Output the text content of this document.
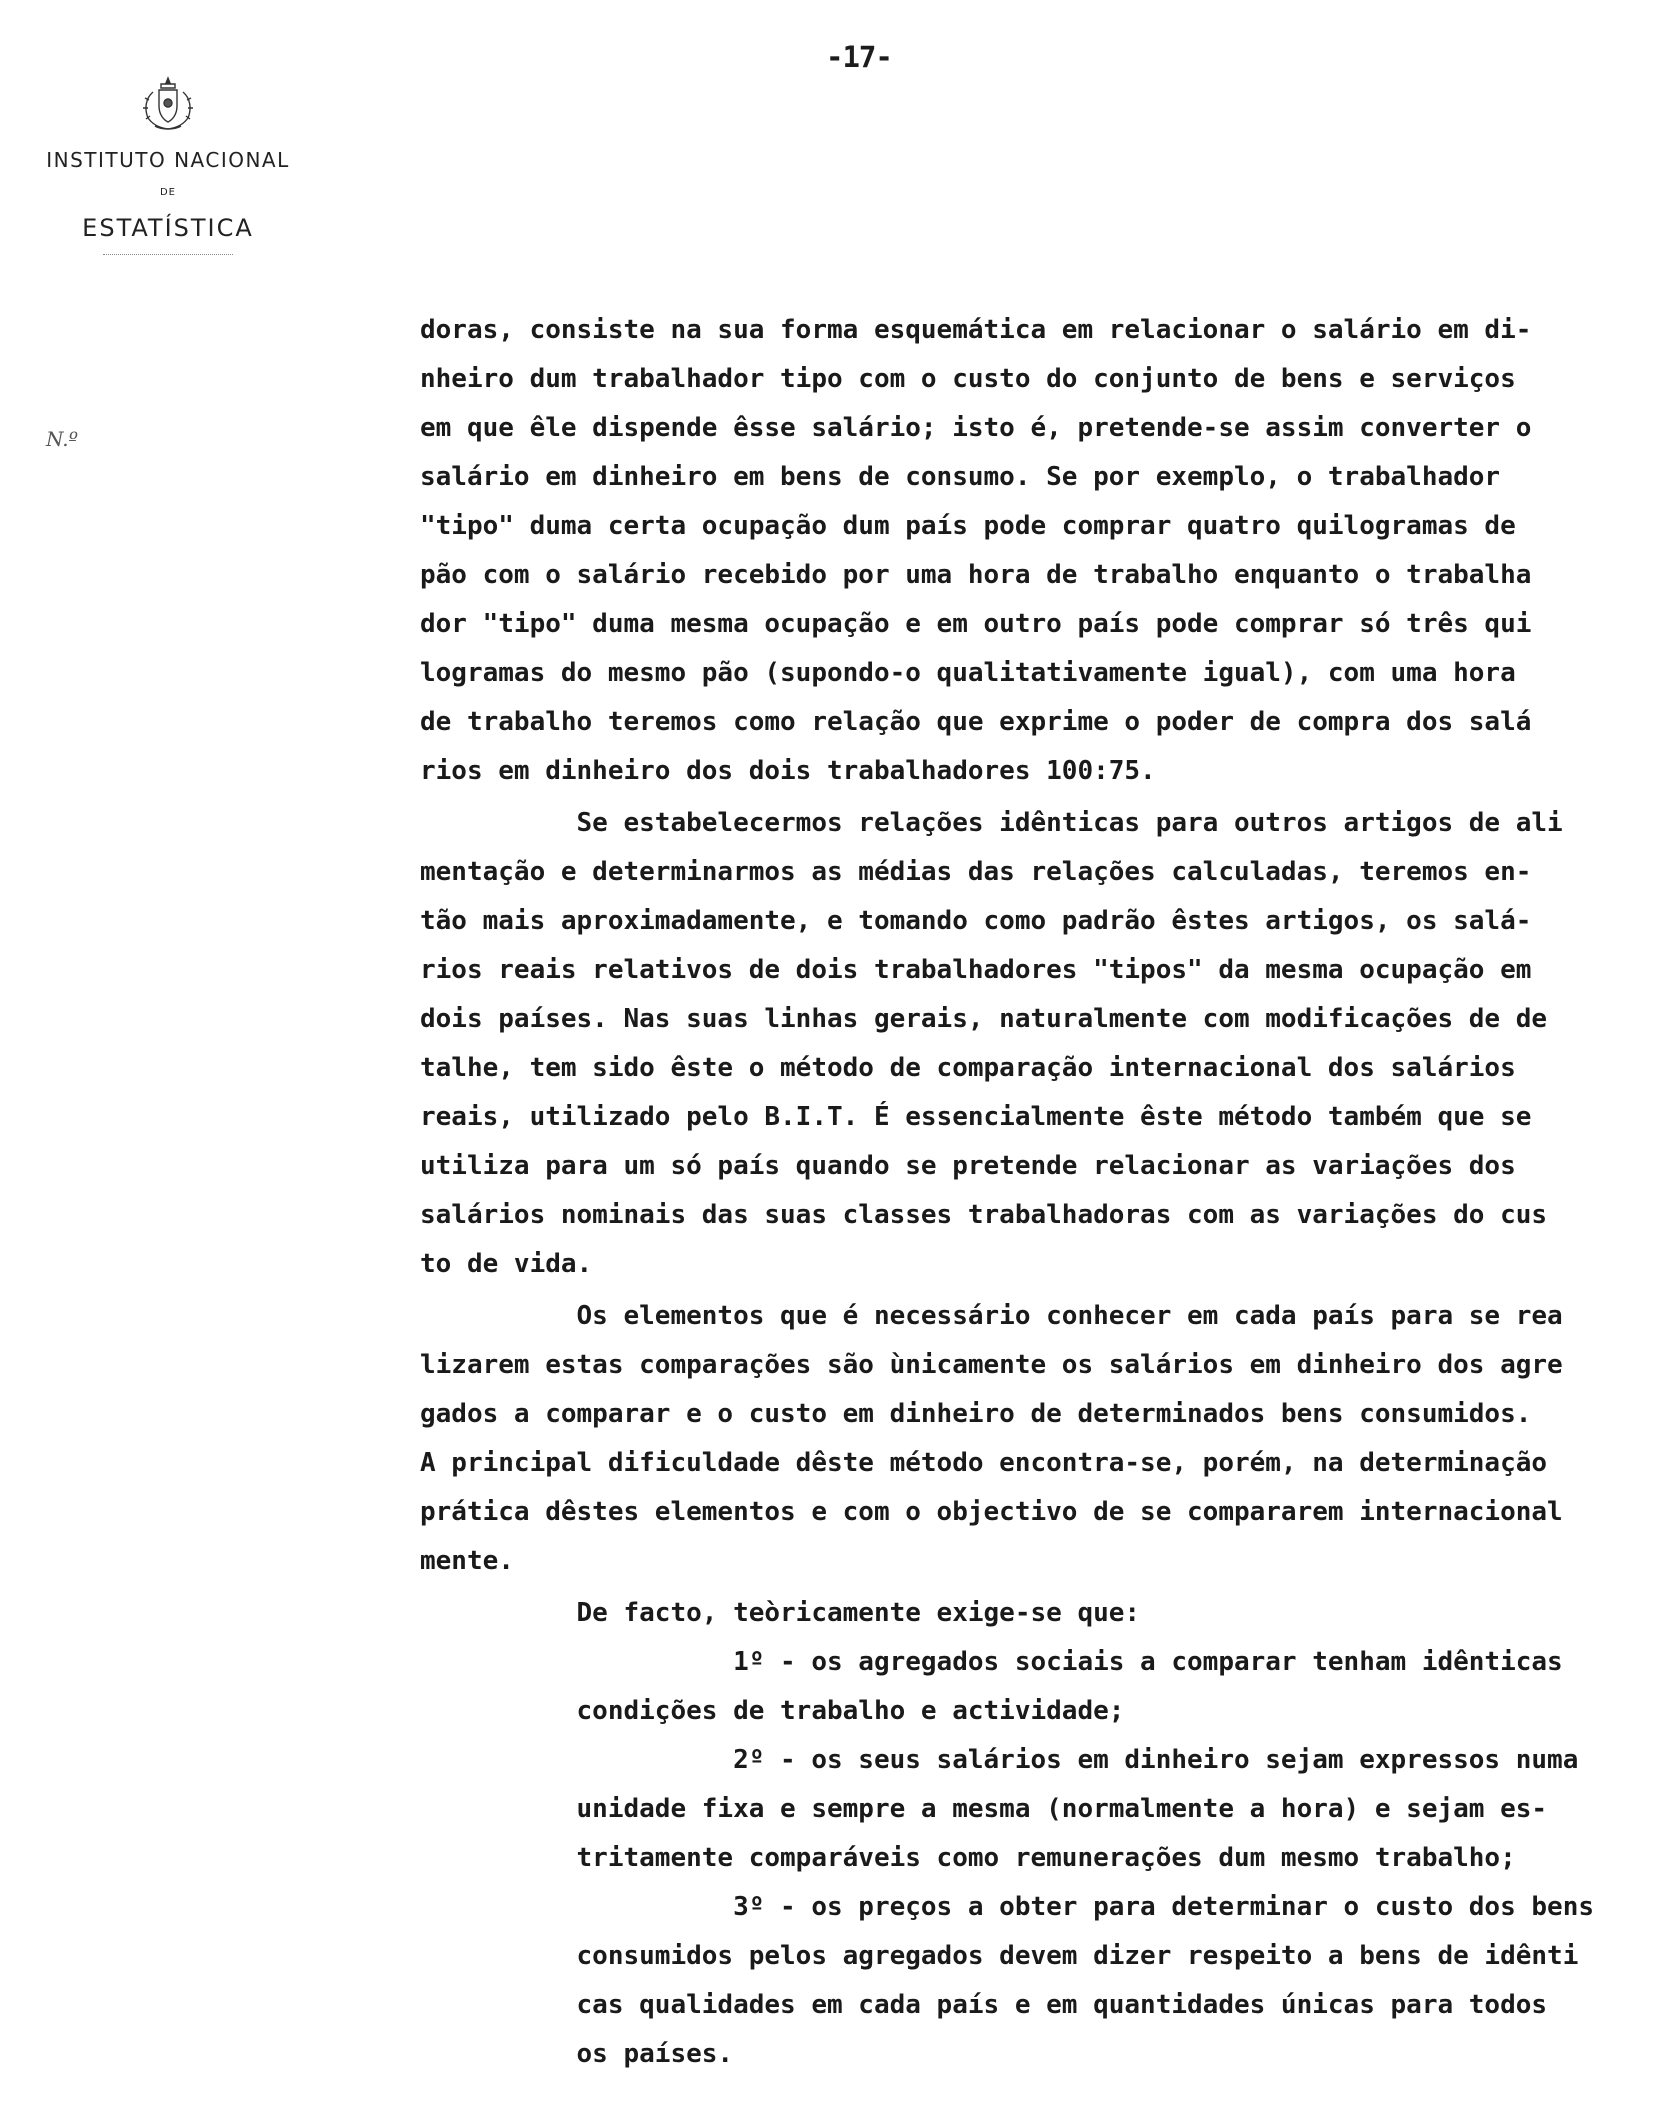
-17-
INSTITUTO NACIONAL
DE
ESTATÍSTICA
N.º
doras, consiste na sua forma esquemática em relacionar o salário em di-
nheiro dum trabalhador tipo com o custo do conjunto de bens e serviços
em que êle dispende êsse salário; isto é, pretende-se assim converter o
salário em dinheiro em bens de consumo. Se por exemplo, o trabalhador
"tipo" duma certa ocupação dum país pode comprar quatro quilogramas de
pão com o salário recebido por uma hora de trabalho enquanto o trabalha
dor "tipo" duma mesma ocupação e em outro país pode comprar só três qui
logramas do mesmo pão (supondo-o qualitativamente igual), com uma hora
de trabalho teremos como relação que exprime o poder de compra dos salá
rios em dinheiro dos dois trabalhadores 100:75.
Se estabelecermos relações idênticas para outros artigos de ali
mentação e determinarmos as médias das relações calculadas, teremos en-
tão mais aproximadamente, e tomando como padrão êstes artigos, os salá-
rios reais relativos de dois trabalhadores "tipos" da mesma ocupação em
dois países. Nas suas linhas gerais, naturalmente com modificações de de
talhe, tem sido êste o método de comparação internacional dos salários
reais, utilizado pelo B.I.T. É essencialmente êste método também que se
utiliza para um só país quando se pretende relacionar as variações dos
salários nominais das suas classes trabalhadoras com as variações do cus
to de vida.
Os elementos que é necessário conhecer em cada país para se rea
lizarem estas comparações são ùnicamente os salários em dinheiro dos agre
gados a comparar e o custo em dinheiro de determinados bens consumidos.
A principal dificuldade dêste método encontra-se, porém, na determinação
prática dêstes elementos e com o objectivo de se compararem internacional
mente.
De facto, teòricamente exige-se que:
1º - os agregados sociais a comparar tenham idênticas
condições de trabalho e actividade;
2º - os seus salários em dinheiro sejam expressos numa
unidade fixa e sempre a mesma (normalmente a hora) e sejam es-
tritamente comparáveis como remunerações dum mesmo trabalho;
3º - os preços a obter para determinar o custo dos bens
consumidos pelos agregados devem dizer respeito a bens de idênti
cas qualidades em cada país e em quantidades únicas para todos
os países.
